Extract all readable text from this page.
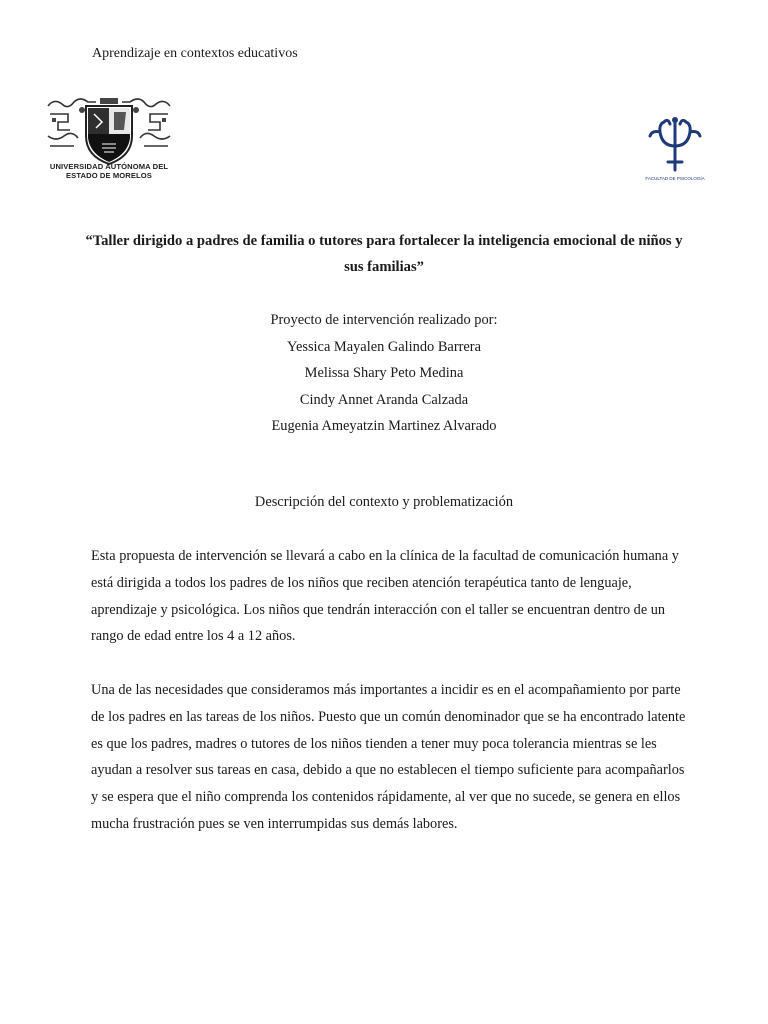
Aprendizaje en contextos educativos
UNIVERSIDAD AUTÓNOMA DEL
ESTADO DE MORELOS	FACULTAD DE PSICOLOGÍA
“Taller dirigido a padres de familia o tutores para fortalecer la inteligencia emocional de niños y sus familias”
Proyecto de intervención realizado por:
Yessica Mayalen Galindo Barrera
Melissa Shary Peto Medina
Cindy Annet Aranda Calzada
Eugenia Ameyatzin Martinez Alvarado
Descripción del contexto y problematización

Esta propuesta de intervención se llevará a cabo en la clínica de la facultad de comunicación humana y está dirigida a todos los padres de los niños que reciben atención terapéutica tanto de lenguaje, aprendizaje y psicológica. Los niños que tendrán interacción con el taller se encuentran dentro de un rango de edad entre los 4 a 12 años.

Una de las necesidades que consideramos más importantes a incidir es en el acompañamiento por parte de los padres en las tareas de los niños. Puesto que un común denominador que se ha encontrado latente es que los padres, madres o tutores de los niños tienden a tener muy poca tolerancia mientras se les ayudan a resolver sus tareas en casa, debido a que no establecen el tiempo suficiente para acompañarlos y se espera que el niño comprenda los contenidos rápidamente, al ver que no sucede, se genera en ellos mucha frustración pues se ven interrumpidas sus demás labores.
